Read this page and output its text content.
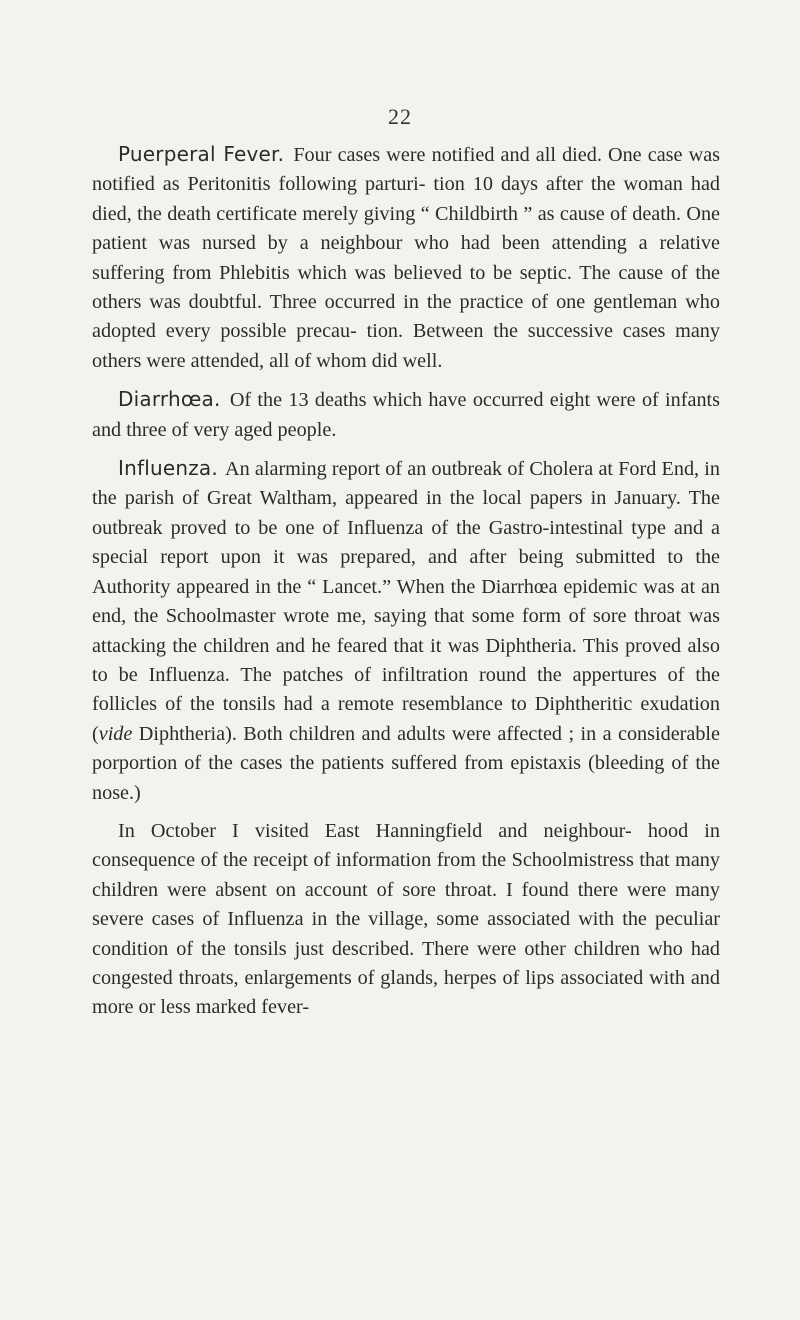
22

Puerperal Fever. Four cases were notified and all died. One case was notified as Peritonitis following parturi- tion 10 days after the woman had died, the death certificate merely giving “ Childbirth ” as cause of death. One patient was nursed by a neighbour who had been attending a relative suffering from Phlebitis which was believed to be septic. The cause of the others was doubtful. Three occurred in the practice of one gentleman who adopted every possible precau- tion. Between the successive cases many others were attended, all of whom did well.

Diarrhœa. Of the 13 deaths which have occurred eight were of infants and three of very aged people.

Influenza. An alarming report of an outbreak of Cholera at Ford End, in the parish of Great Waltham, appeared in the local papers in January. The outbreak proved to be one of Influenza of the Gastro-intestinal type and a special report upon it was prepared, and after being submitted to the Authority appeared in the “ Lancet.” When the Diarrhœa epidemic was at an end, the Schoolmaster wrote me, saying that some form of sore throat was attacking the children and he feared that it was Diphtheria. This proved also to be Influenza. The patches of infiltration round the appertures of the follicles of the tonsils had a remote resemblance to Diphtheritic exudation (vide Diphtheria). Both children and adults were affected ; in a considerable porportion of the cases the patients suffered from epistaxis (bleeding of the nose.)

In October I visited East Hanningfield and neighbour- hood in consequence of the receipt of information from the Schoolmistress that many children were absent on account of sore throat. I found there were many severe cases of Influenza in the village, some associated with the peculiar condition of the tonsils just described. There were other children who had congested throats, enlargements of glands, herpes of lips associated with and more or less marked fever-
